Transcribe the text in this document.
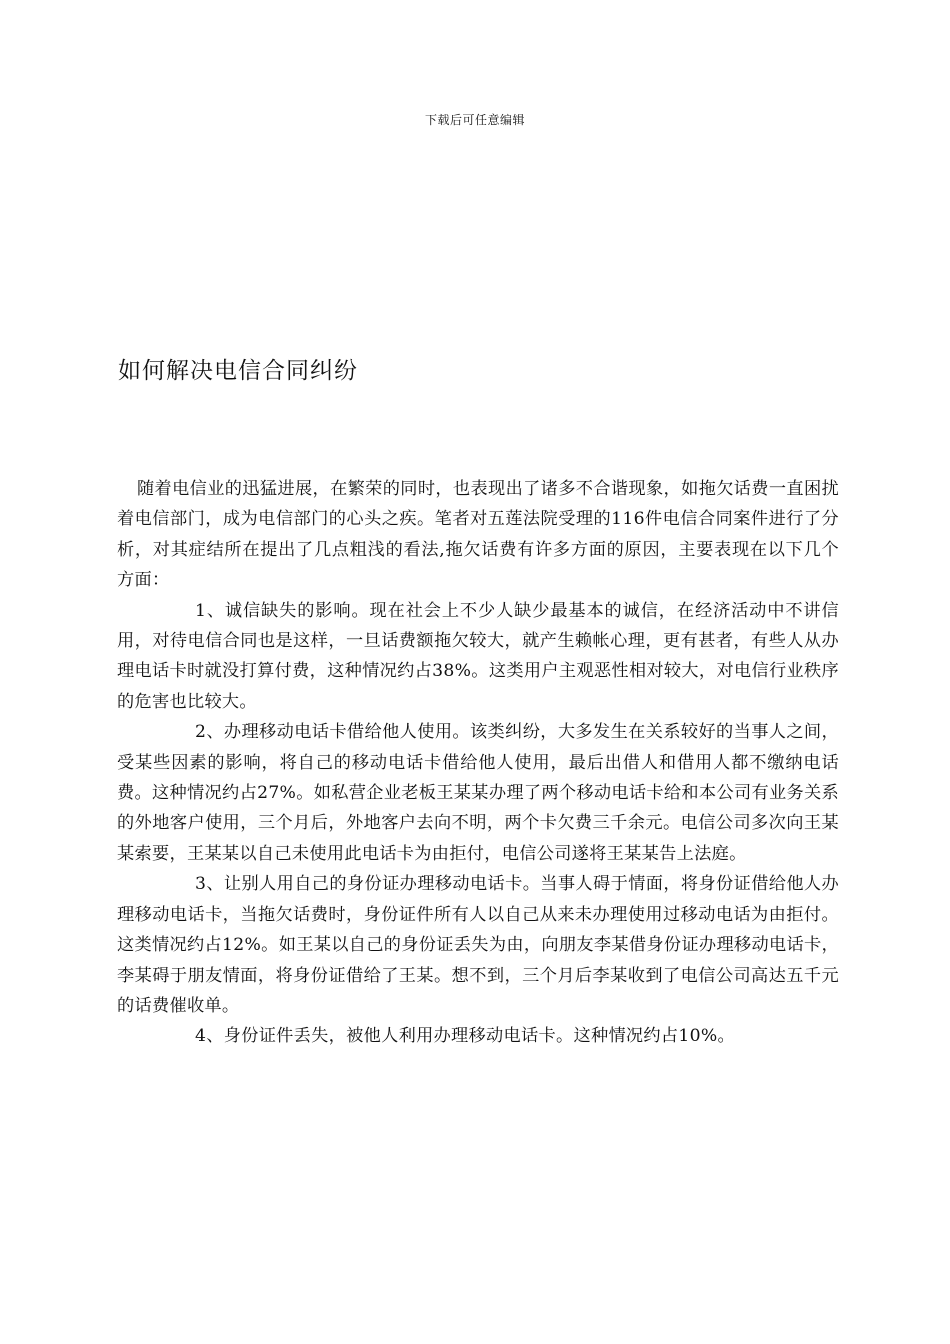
下载后可任意编辑
如何解决电信合同纠纷

随着电信业的迅猛进展，在繁荣的同时，也表现出了诸多不合谐现象，如拖欠话费一直困扰着电信部门，成为电信部门的心头之疾。笔者对五莲法院受理的116件电信合同案件进行了分析，对其症结所在提出了几点粗浅的看法,拖欠话费有许多方面的原因，主要表现在以下几个方面：

1、诚信缺失的影响。现在社会上不少人缺少最基本的诚信，在经济活动中不讲信用，对待电信合同也是这样，一旦话费额拖欠较大，就产生赖帐心理，更有甚者，有些人从办理电话卡时就没打算付费，这种情况约占38%。这类用户主观恶性相对较大，对电信行业秩序的危害也比较大。

2、办理移动电话卡借给他人使用。该类纠纷，大多发生在关系较好的当事人之间，受某些因素的影响，将自己的移动电话卡借给他人使用，最后出借人和借用人都不缴纳电话费。这种情况约占27%。如私营企业老板王某某办理了两个移动电话卡给和本公司有业务关系的外地客户使用，三个月后，外地客户去向不明，两个卡欠费三千余元。电信公司多次向王某某索要，王某某以自己未使用此电话卡为由拒付，电信公司遂将王某某告上法庭。

3、让别人用自己的身份证办理移动电话卡。当事人碍于情面，将身份证借给他人办理移动电话卡，当拖欠话费时，身份证件所有人以自己从来未办理使用过移动电话为由拒付。这类情况约占12%。如王某以自己的身份证丢失为由，向朋友李某借身份证办理移动电话卡，李某碍于朋友情面，将身份证借给了王某。想不到，三个月后李某收到了电信公司高达五千元的话费催收单。

4、身份证件丢失，被他人利用办理移动电话卡。这种情况约占10%。
